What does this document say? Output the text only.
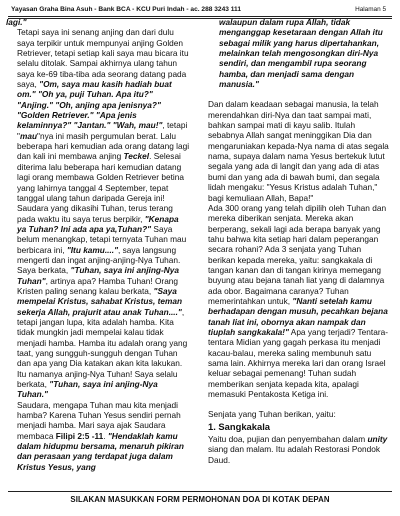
Yayasan Graha Bina Asuh - Bank BCA - KCU Puri Indah - ac. 288 3243 111	Halaman 5

lagi."

Tetapi saya ini senang anjing dan dari dulu saya terpikir untuk mempunyai anjing Golden Retriever, tetapi setiap kali saya mau bicara itu selalu ditolak. Sampai akhirnya ulang tahun saya ke-69 tiba-tiba ada seorang datang pada saya, "Om, saya mau kasih hadiah buat om." "Oh ya, puji Tuhan. Apa itu?" "Anjing." "Oh, anjing apa jenisnya?" "Golden Retriever." "Apa jenis kelaminnya?" "Jantan." "Wah, mau!", tetapi "mau"nya ini masih pergumulan berat. Lalu beberapa hari kemudian ada orang datang lagi dan kali ini membawa anjing Teckel. Selesai diterima lalu beberapa hari kemudian datang lagi orang membawa Golden Retriever betina yang lahirnya tanggal 4 September, tepat tanggal ulang tahun daripada Gereja ini! Saudara yang dikasihi Tuhan, terus terang pada waktu itu saya terus berpikir, "Kenapa ya Tuhan? Ini ada apa ya,Tuhan?" Saya belum menangkap, tetapi ternyata Tuhan mau berbicara ini, "Itu kamu....", saya langsung mengerti dan ingat anjing-anjing-Nya Tuhan. Saya berkata, "Tuhan, saya ini anjing-Nya Tuhan", artinya apa? Hamba Tuhan! Orang Kristen paling senang kalau berkata, "Saya mempelai Kristus, sahabat Kristus, teman sekerja Allah, prajurit atau anak Tuhan....", tetapi jangan lupa, kita adalah hamba. Kita tidak mungkin jadi mempelai kalau tidak menjadi hamba. Hamba itu adalah orang yang taat, yang sungguh-sungguh dengan Tuhan dan apa yang Dia katakan akan kita lakukan. Itu namanya anjing-Nya Tuhan! Saya selalu berkata, "Tuhan, saya ini anjing-Nya Tuhan."

Saudara, mengapa Tuhan mau kita menjadi hamba? Karena Tuhan Yesus sendiri pernah menjadi hamba. Mari saya ajak Saudara membaca Filipi 2:5 -11. "Hendaklah kamu dalam hidupmu bersama, menaruh pikiran dan perasaan yang terdapat juga dalam Kristus Yesus, yang

walaupun dalam rupa Allah, tidak menganggap kesetaraan dengan Allah itu sebagai milik yang harus dipertahankan, melainkan telah mengosongkan diri-Nya sendiri, dan mengambil rupa seorang hamba, dan menjadi sama dengan manusia."

Dan dalam keadaan sebagai manusia, la telah merendahkan diri-Nya dan taat sampai mati, bahkan sampai mati di kayu salib. Itulah sebabnya Allah sangat meninggikan Dia dan mengaruniakan kepada-Nya nama di atas segala nama, supaya dalam nama Yesus bertekuk lutut segala yang ada di langit dan yang ada di atas bumi dan yang ada di bawah bumi, dan segala lidah mengaku: "Yesus Kristus adalah Tuhan," bagi kemuliaan Allah, Bapa!"

Ada 300 orang yang telah dipilih oleh Tuhan dan mereka diberikan senjata. Mereka akan berperang, sekali lagi ada berapa banyak yang tahu bahwa kita setiap hari dalam peperangan secara rohani? Ada 3 senjata yang Tuhan berikan kepada mereka, yaitu: sangkakala di tangan kanan dan di tangan kirinya memegang buyung atau bejana tanah liat yang di dalamnya ada obor. Bagaimana caranya? Tuhan memerintahkan untuk, "Nanti setelah kamu berhadapan dengan musuh, pecahkan bejana tanah liat ini, obornya akan nampak dan tiuplah sangkakala!" Apa yang terjadi? Tentara-tentara Midian yang gagah perkasa itu menjadi kacau-balau, mereka saling membunuh satu sama lain. Akhirnya mereka lari dan orang Israel keluar sebagai pemenang! Tuhan sudah memberikan senjata kepada kita, apalagi memasuki Pentakosta Ketiga ini.

Senjata yang Tuhan berikan, yaitu:

1. Sangkakala

Yaitu doa, pujian dan penyembahan dalam unity siang dan malam. Itu adalah Restorasi Pondok Daud.

SILAKAN MASUKKAN FORM PERMOHONAN DOA DI KOTAK DEPAN
